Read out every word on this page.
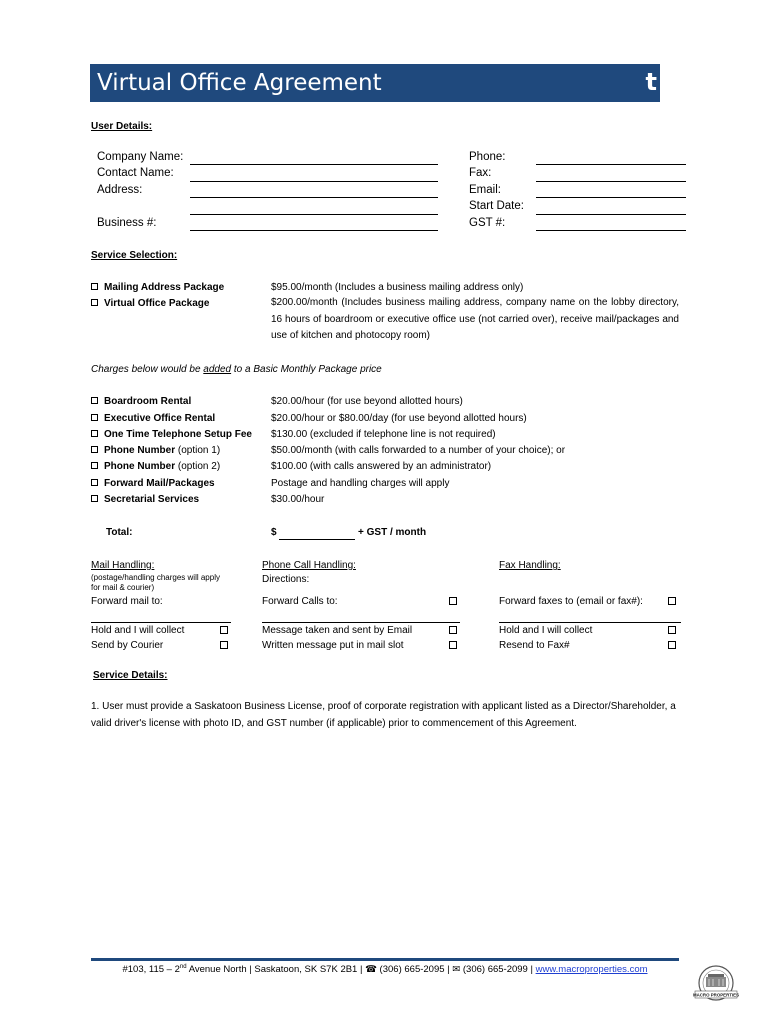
Virtual Office Agreement	t
User Details:
Company Name:
Contact Name:
Address:
Business #:
Phone:
Fax:
Email:
Start Date:
GST #:
Service Selection:
Mailing Address Package	$95.00/month (Includes a business mailing address only)
Virtual Office Package	$200.00/month (Includes business mailing address, company name on the lobby directory, 16 hours of boardroom or executive office use (not carried over), receive mail/packages and use of kitchen and photocopy room)
Charges below would be added to a Basic Monthly Package price
Boardroom Rental	$20.00/hour (for use beyond allotted hours)
Executive Office Rental	$20.00/hour or $80.00/day (for use beyond allotted hours)
One Time Telephone Setup Fee $130.00 (excluded if telephone line is not required)
Phone Number (option 1)	$50.00/month (with calls forwarded to a number of your choice); or
Phone Number (option 2)	$100.00 (with calls answered by an administrator)
Forward Mail/Packages	Postage and handling charges will apply
Secretarial Services	$30.00/hour
Total:	$	+ GST / month
Mail Handling:
(postage/handling charges will apply for mail & courier)
Forward mail to:
Hold and I will collect
Send by Courier
Phone Call Handling:
Directions:
Forward Calls to:
Message taken and sent by Email
Written message put in mail slot
Fax Handling:
Forward faxes to (email or fax#):
Hold and I will collect
Resend to Fax#
Service Details:
1. User must provide a Saskatoon Business License, proof of corporate registration with applicant listed as a Director/Shareholder, a valid driver's license with photo ID, and GST number (if applicable) prior to commencement of this Agreement.
#103, 115 – 2nd Avenue North | Saskatoon, SK S7K 2B1 | ☎ (306) 665-2095 | ✉ (306) 665-2099 | www.macroproperties.com
MACRO PROPERTIES
